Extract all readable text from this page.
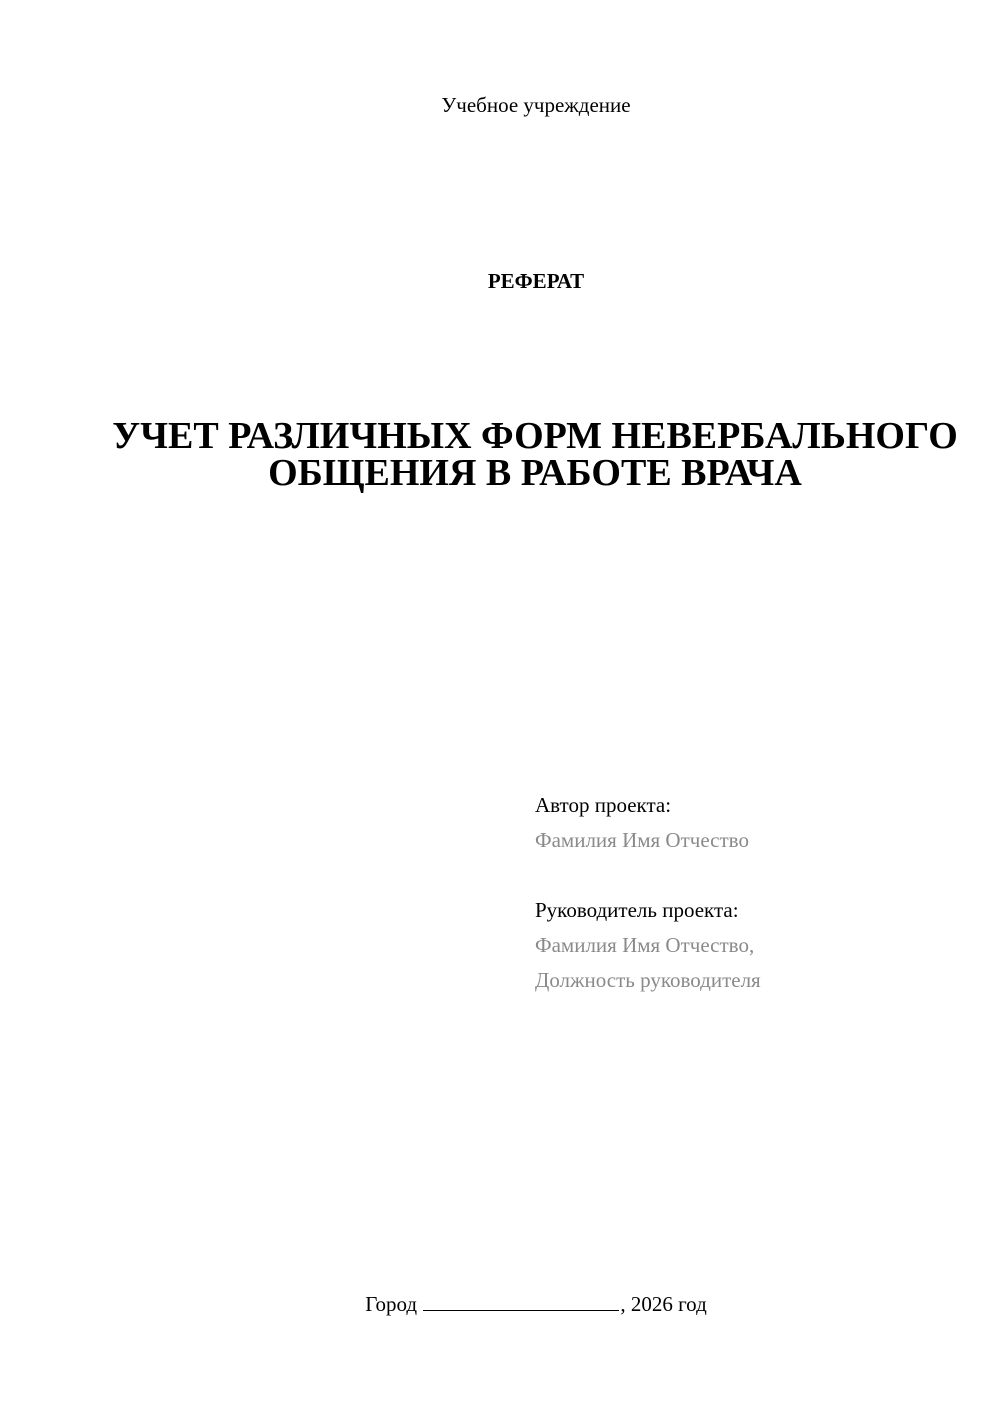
Учебное учреждение
РЕФЕРАТ
УЧЕТ РАЗЛИЧНЫХ ФОРМ НЕВЕРБАЛЬНОГО ОБЩЕНИЯ В РАБОТЕ ВРАЧА
Автор проекта:
Фамилия Имя Отчество
Руководитель проекта:
Фамилия Имя Отчество,
Должность руководителя
Город	, 2026 год
